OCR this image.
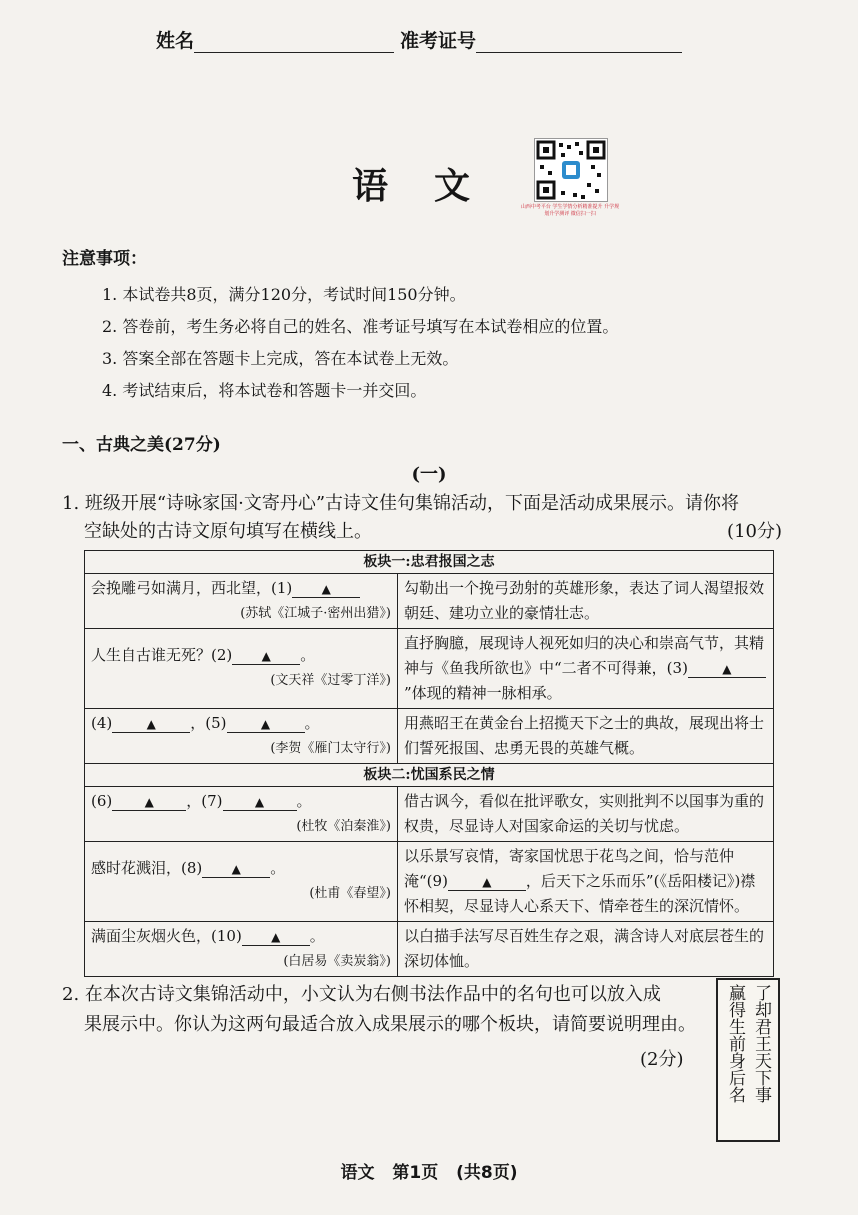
姓名	准考证号
语文 山西中考平台 学生学情分析精准提升 升学规划升学测评 微信扫一扫
注意事项：
1. 本试卷共8页，满分120分，考试时间150分钟。
2. 答卷前，考生务必将自己的姓名、准考证号填写在本试卷相应的位置。
3. 答案全部在答题卡上完成，答在本试卷上无效。
4. 考试结束后，将本试卷和答题卡一并交回。
一、古典之美(27分)
(一)
1. 班级开展“诗咏家国·文寄丹心”古诗文佳句集锦活动，下面是活动成果展示。请你将
空缺处的古诗文原句填写在横线上。	(10分)
板块一:忠君报国之志	
会挽雕弓如满月，西北望，(1) ▲
(苏轼《江城子·密州出猎》)	勾勒出一个挽弓劲射的英雄形象，表达了词人渴望报效朝廷、建功立业的豪情壮志。
人生自古谁无死？(2) ▲ 。
(文天祥《过零丁洋》)	直抒胸臆，展现诗人视死如归的决心和崇高气节，其精神与《鱼我所欲也》中“二者不可得兼，(3) ▲”体现的精神一脉相承。
(4) ▲ ，(5) ▲ 。
(李贺《雁门太守行》)	用燕昭王在黄金台上招揽天下之士的典故，展现出将士们誓死报国、忠勇无畏的英雄气概。
板块二:忧国系民之情	
(6) ▲ ，(7) ▲ 。
(杜牧《泊秦淮》)	借古讽今，看似在批评歌女，实则批判不以国事为重的权贵，尽显诗人对国家命运的关切与忧虑。
感时花溅泪，(8) ▲ 。
(杜甫《春望》)	以乐景写哀情，寄家国忧思于花鸟之间，恰与范仲淹“(9) ▲ ，后天下之乐而乐”(《岳阳楼记》)襟怀相契，尽显诗人心系天下、情牵苍生的深沉情怀。
满面尘灰烟火色，(10) ▲ 。
(白居易《卖炭翁》)	以白描手法写尽百姓生存之艰，满含诗人对底层苍生的深切体恤。
2. 在本次古诗文集锦活动中，小文认为右侧书法作品中的名句也可以放入成
果展示中。你认为这两句最适合放入成果展示的哪个板块，请简要说明理由。
(2分)	了却君王天下事
赢得生前身后名
语文 第1页 (共8页)
